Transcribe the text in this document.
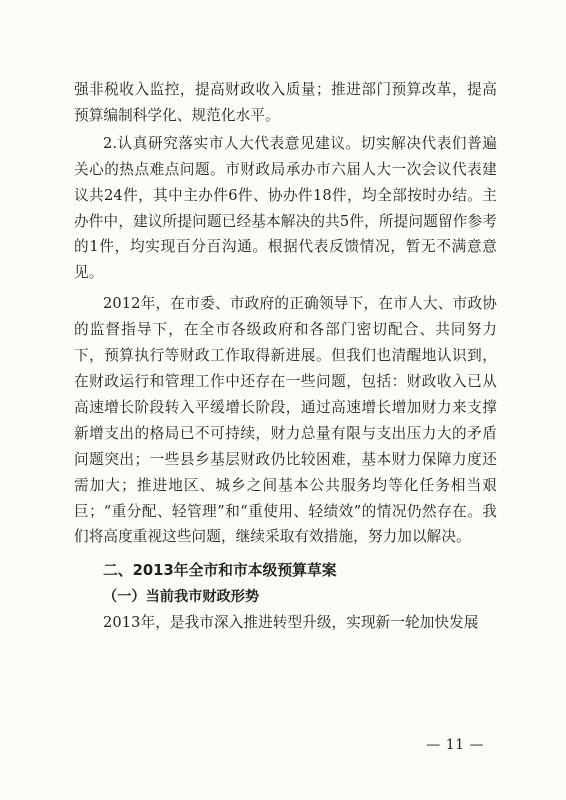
强非税收入监控，提高财政收入质量；推进部门预算改革，提高预算编制科学化、规范化水平。

2.认真研究落实市人大代表意见建议。切实解决代表们普遍关心的热点难点问题。市财政局承办市六届人大一次会议代表建议共24件，其中主办件6件、协办件18件，均全部按时办结。主办件中，建议所提问题已经基本解决的共5件，所提问题留作参考的1件，均实现百分百沟通。根据代表反馈情况，暂无不满意意见。

2012年，在市委、市政府的正确领导下，在市人大、市政协的监督指导下，在全市各级政府和各部门密切配合、共同努力下，预算执行等财政工作取得新进展。但我们也清醒地认识到，在财政运行和管理工作中还存在一些问题，包括：财政收入已从高速增长阶段转入平缓增长阶段，通过高速增长增加财力来支撑新增支出的格局已不可持续，财力总量有限与支出压力大的矛盾问题突出；一些县乡基层财政仍比较困难，基本财力保障力度还需加大；推进地区、城乡之间基本公共服务均等化任务相当艰巨；“重分配、轻管理”和“重使用、轻绩效”的情况仍然存在。我们将高度重视这些问题，继续采取有效措施，努力加以解决。

二、2013年全市和市本级预算草案
（一）当前我市财政形势

2013年，是我市深入推进转型升级，实现新一轮加快发展

— 11 —
